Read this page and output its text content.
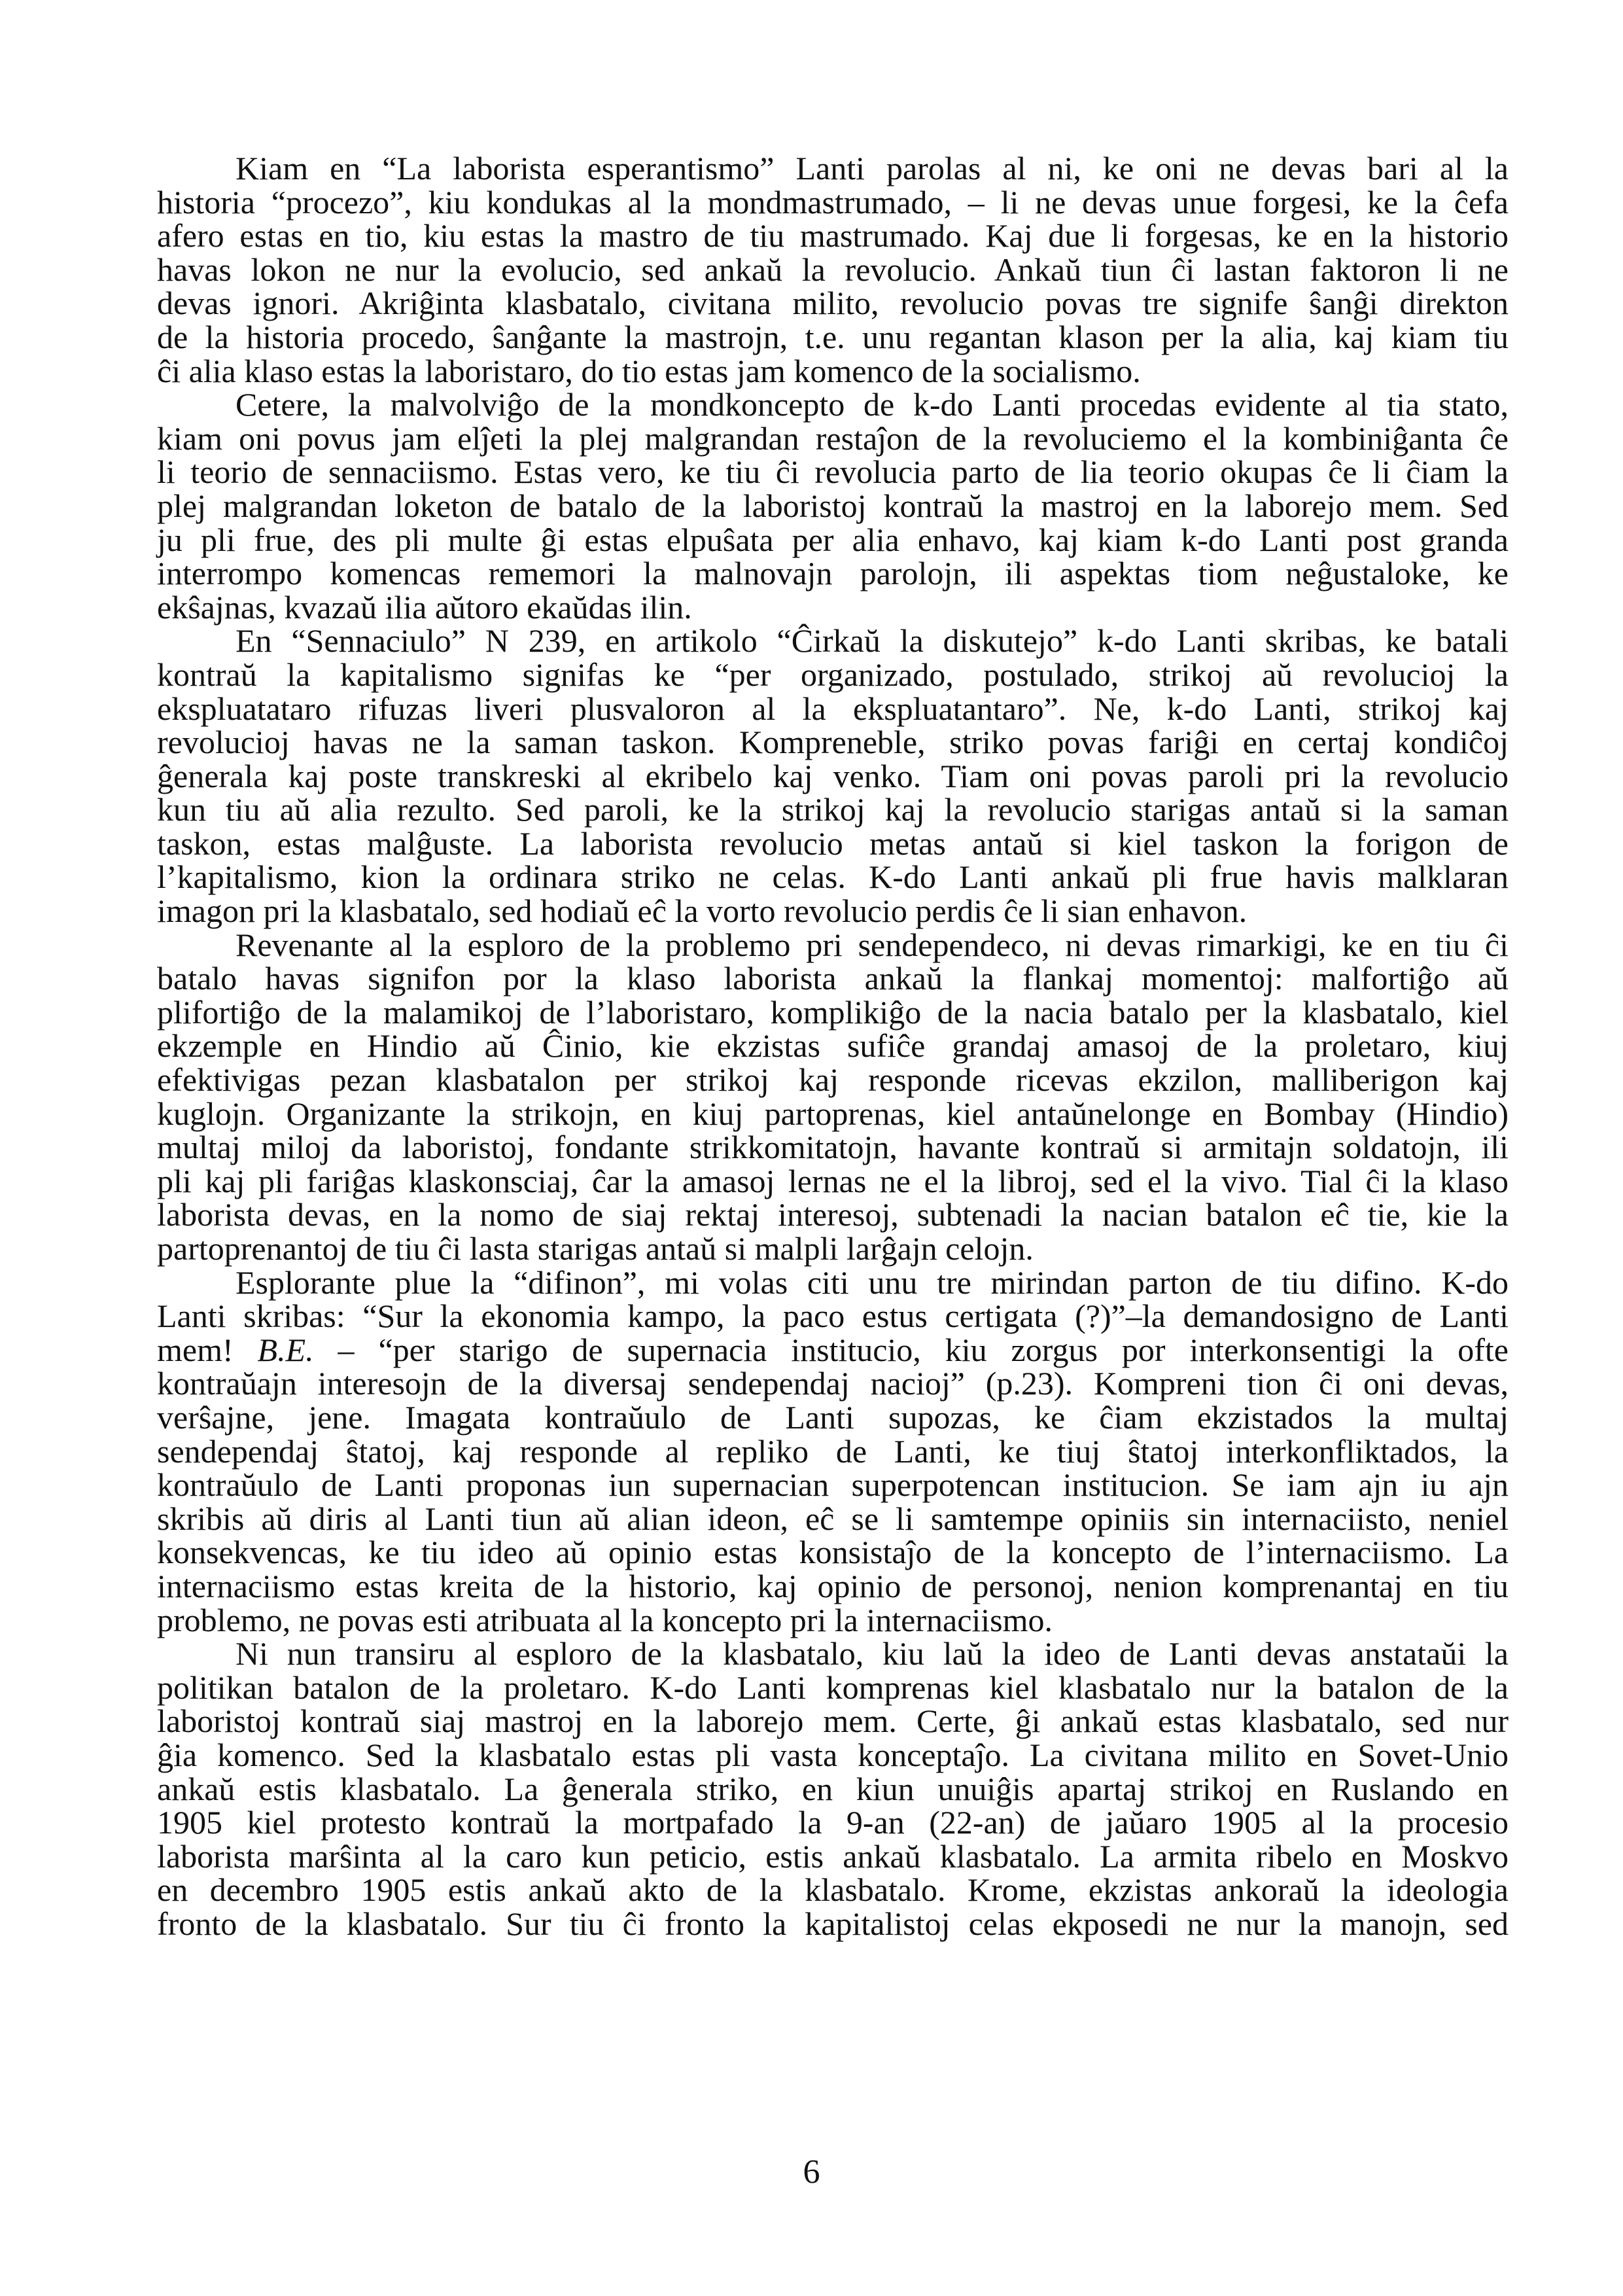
Kiam en “La laborista esperantismo” Lanti parolas al ni, ke oni ne devas bari al la
historia “procezo”, kiu kondukas al la mondmastrumado, – li ne devas unue forgesi, ke la ĉefa
afero estas en tio, kiu estas la mastro de tiu mastrumado. Kaj due li forgesas, ke en la historio
havas lokon ne nur la evolucio, sed ankaŭ la revolucio. Ankaŭ tiun ĉi lastan faktoron li ne
devas ignori. Akriĝinta klasbatalo, civitana milito, revolucio povas tre signife ŝanĝi direkton
de la historia procedo, ŝanĝante la mastrojn, t.e. unu regantan klason per la alia, kaj kiam tiu
ĉi alia klaso estas la laboristaro, do tio estas jam komenco de la socialismo.
Cetere, la malvolviĝo de la mondkoncepto de k-do Lanti procedas evidente al tia stato,
kiam oni povus jam elĵeti la plej malgrandan restaĵon de la revoluciemo el la kombiniĝanta ĉe
li teorio de sennaciismo. Estas vero, ke tiu ĉi revolucia parto de lia teorio okupas ĉe li ĉiam la
plej malgrandan loketon de batalo de la laboristoj kontraŭ la mastroj en la laborejo mem. Sed
ju pli frue, des pli multe ĝi estas elpuŝata per alia enhavo, kaj kiam k-do Lanti post granda
interrompo komencas rememori la malnovajn parolojn, ili aspektas tiom neĝustaloke, ke
ekŝajnas, kvazaŭ ilia aŭtoro ekaŭdas ilin.
En “Sennaciulo” N 239, en artikolo “Ĉirkaŭ la diskutejo” k-do Lanti skribas, ke batali
kontraŭ la kapitalismo signifas ke “per organizado, postulado, strikoj aŭ revolucioj la
ekspluatataro rifuzas liveri plusvaloron al la ekspluatantaro”. Ne, k-do Lanti, strikoj kaj
revolucioj havas ne la saman taskon. Kompreneble, striko povas fariĝi en certaj kondiĉoj
ĝenerala kaj poste transkreski al ekribelo kaj venko. Tiam oni povas paroli pri la revolucio
kun tiu aŭ alia rezulto. Sed paroli, ke la strikoj kaj la revolucio starigas antaŭ si la saman
taskon, estas malĝuste. La laborista revolucio metas antaŭ si kiel taskon la forigon de
l’kapitalismo, kion la ordinara striko ne celas. K-do Lanti ankaŭ pli frue havis malklaran
imagon pri la klasbatalo, sed hodiaŭ eĉ la vorto revolucio perdis ĉe li sian enhavon.
Revenante al la esploro de la problemo pri sendependeco, ni devas rimarkigi, ke en tiu ĉi
batalo havas signifon por la klaso laborista ankaŭ la flankaj momentoj: malfortiĝo aŭ
plifortiĝo de la malamikoj de l’laboristaro, komplikiĝo de la nacia batalo per la klasbatalo, kiel
ekzemple en Hindio aŭ Ĉinio, kie ekzistas sufiĉe grandaj amasoj de la proletaro, kiuj
efektivigas pezan klasbatalon per strikoj kaj responde ricevas ekzilon, malliberigon kaj
kuglojn. Organizante la strikojn, en kiuj partoprenas, kiel antaŭnelonge en Bombay (Hindio)
multaj miloj da laboristoj, fondante strikkomitatojn, havante kontraŭ si armitajn soldatojn, ili
pli kaj pli fariĝas klaskonsciaj, ĉar la amasoj lernas ne el la libroj, sed el la vivo. Tial ĉi la klaso
laborista devas, en la nomo de siaj rektaj interesoj, subtenadi la nacian batalon eĉ tie, kie la
partoprenantoj de tiu ĉi lasta starigas antaŭ si malpli larĝajn celojn.
Esplorante plue la “difinon”, mi volas citi unu tre mirindan parton de tiu difino. K-do
Lanti skribas: “Sur la ekonomia kampo, la paco estus certigata (?)”–la demandosigno de Lanti
mem! B.E. – “per starigo de supernacia institucio, kiu zorgus por interkonsentigi la ofte
kontraŭajn interesojn de la diversaj sendependaj nacioj” (p.23). Kompreni tion ĉi oni devas,
verŝajne, jene. Imagata kontraŭulo de Lanti supozas, ke ĉiam ekzistados la multaj
sendependaj ŝtatoj, kaj responde al repliko de Lanti, ke tiuj ŝtatoj interkonfliktados, la
kontraŭulo de Lanti proponas iun supernacian superpotencan institucion. Se iam ajn iu ajn
skribis aŭ diris al Lanti tiun aŭ alian ideon, eĉ se li samtempe opiniis sin internaciisto, neniel
konsekvencas, ke tiu ideo aŭ opinio estas konsistaĵo de la koncepto de l’internaciismo. La
internaciismo estas kreita de la historio, kaj opinio de personoj, nenion komprenantaj en tiu
problemo, ne povas esti atribuata al la koncepto pri la internaciismo.
Ni nun transiru al esploro de la klasbatalo, kiu laŭ la ideo de Lanti devas anstataŭi la
politikan batalon de la proletaro. K-do Lanti komprenas kiel klasbatalo nur la batalon de la
laboristoj kontraŭ siaj mastroj en la laborejo mem. Certe, ĝi ankaŭ estas klasbatalo, sed nur
ĝia komenco. Sed la klasbatalo estas pli vasta konceptaĵo. La civitana milito en Sovet-Unio
ankaŭ estis klasbatalo. La ĝenerala striko, en kiun unuiĝis apartaj strikoj en Ruslando en
1905 kiel protesto kontraŭ la mortpafado la 9-an (22-an) de jaŭaro 1905 al la procesio
laborista marŝinta al la caro kun peticio, estis ankaŭ klasbatalo. La armita ribelo en Moskvo
en decembro 1905 estis ankaŭ akto de la klasbatalo. Krome, ekzistas ankoraŭ la ideologia
fronto de la klasbatalo. Sur tiu ĉi fronto la kapitalistoj celas ekposedi ne nur la manojn, sed
6
